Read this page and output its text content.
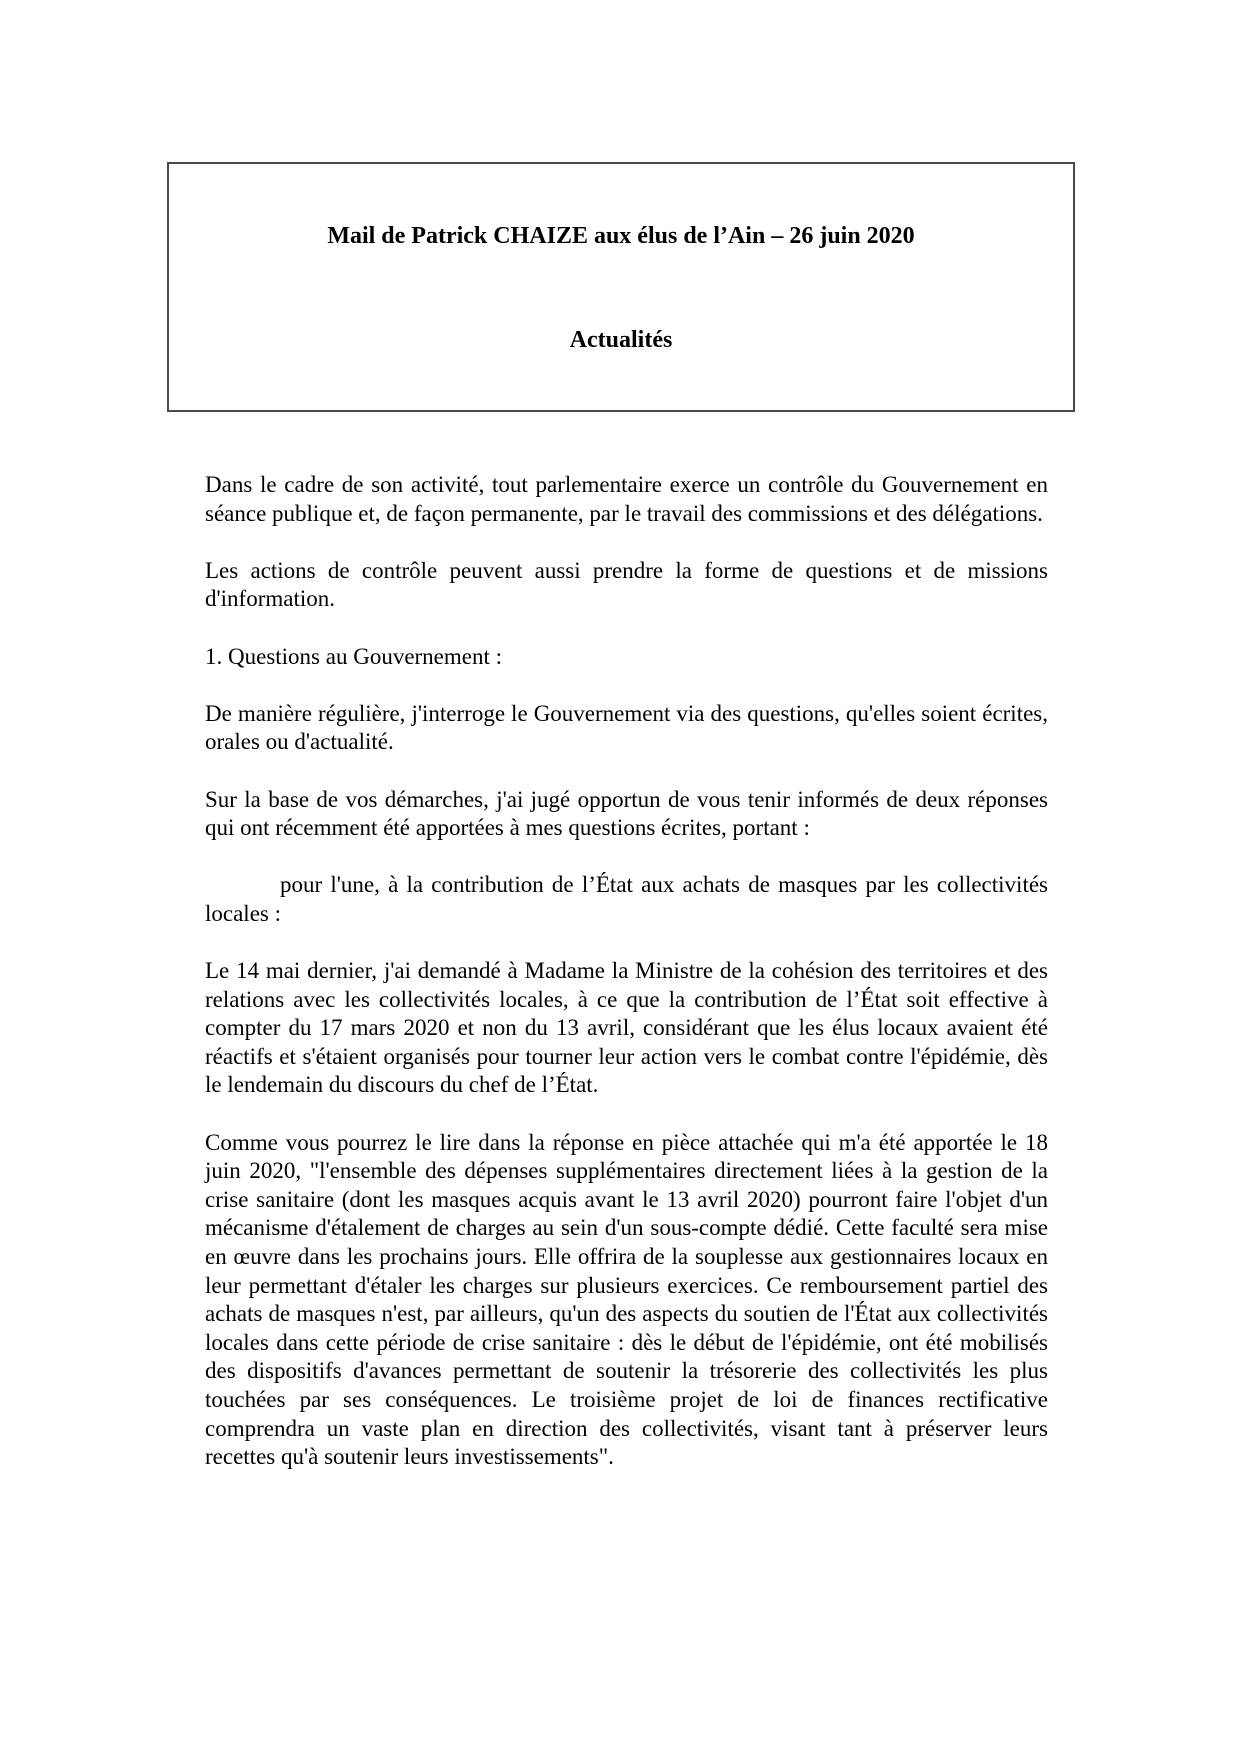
Mail de Patrick CHAIZE aux élus de l’Ain – 26 juin 2020
Actualités

Dans le cadre de son activité, tout parlementaire exerce un contrôle du Gouvernement en séance publique et, de façon permanente, par le travail des commissions et des délégations.

Les actions de contrôle peuvent aussi prendre la forme de questions et de missions d'information.

1. Questions au Gouvernement :

De manière régulière, j'interroge le Gouvernement via des questions, qu'elles soient écrites, orales ou d'actualité.

Sur la base de vos démarches, j'ai jugé opportun de vous tenir informés de deux réponses qui ont récemment été apportées à mes questions écrites, portant :

pour l'une, à la contribution de l’État aux achats de masques par les collectivités locales :

Le 14 mai dernier, j'ai demandé à Madame la Ministre de la cohésion des territoires et des relations avec les collectivités locales, à ce que la contribution de l’État soit effective à compter du 17 mars 2020 et non du 13 avril, considérant que les élus locaux avaient été réactifs et s'étaient organisés pour tourner leur action vers le combat contre l'épidémie, dès le lendemain du discours du chef de l’État.

Comme vous pourrez le lire dans la réponse en pièce attachée qui m'a été apportée le 18 juin 2020, "l'ensemble des dépenses supplémentaires directement liées à la gestion de la crise sanitaire (dont les masques acquis avant le 13 avril 2020) pourront faire l'objet d'un mécanisme d'étalement de charges au sein d'un sous-compte dédié. Cette faculté sera mise en œuvre dans les prochains jours. Elle offrira de la souplesse aux gestionnaires locaux en leur permettant d'étaler les charges sur plusieurs exercices. Ce remboursement partiel des achats de masques n'est, par ailleurs, qu'un des aspects du soutien de l'État aux collectivités locales dans cette période de crise sanitaire : dès le début de l'épidémie, ont été mobilisés des dispositifs d'avances permettant de soutenir la trésorerie des collectivités les plus touchées par ses conséquences. Le troisième projet de loi de finances rectificative comprendra un vaste plan en direction des collectivités, visant tant à préserver leurs recettes qu'à soutenir leurs investissements".
